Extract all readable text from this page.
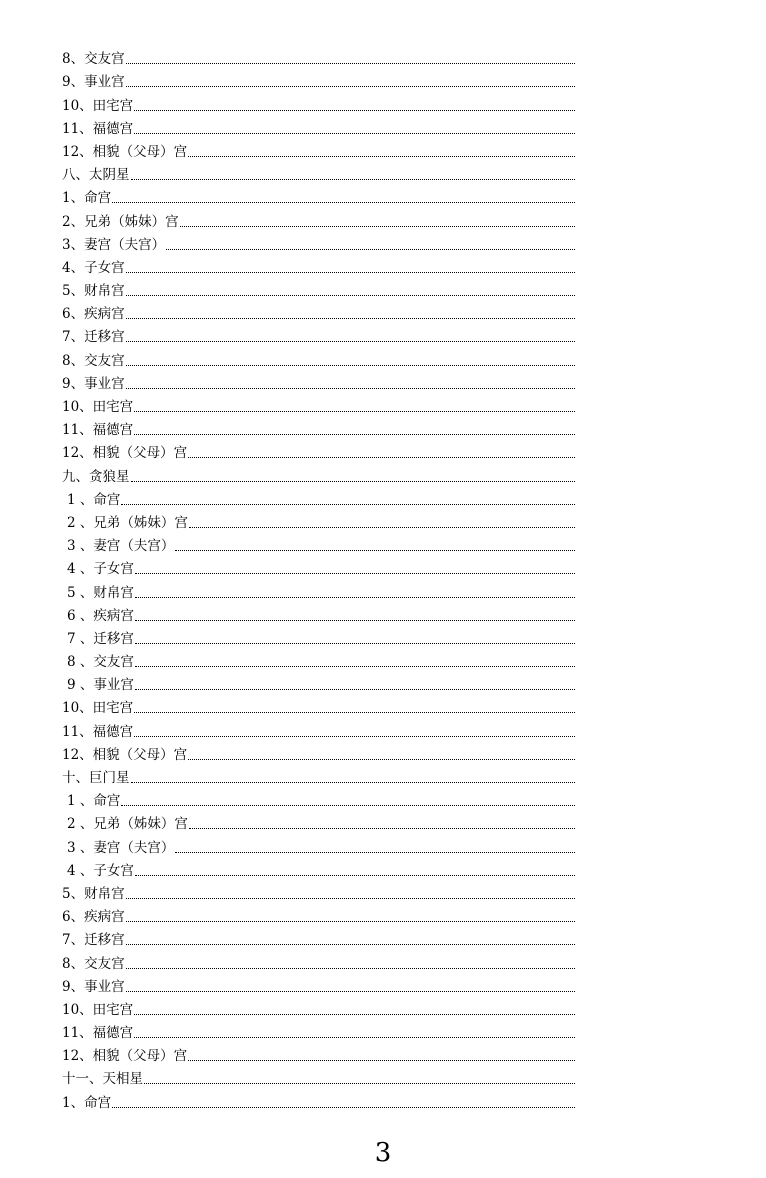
8、交友宫
9、事业宫
10、田宅宫
11、福德宫
12、相貌（父母）宫
八、太阴星
1、命宫
2、兄弟（姊妹）宫
3、妻宫（夫宫）
4、子女宫
5、财帛宫
6、疾病宫
7、迁移宫
8、交友宫
9、事业宫
10、田宅宫
11、福德宫
12、相貌（父母）宫
九、贪狼星
1 、命宫
2 、兄弟（姊妹）宫
3 、妻宫（夫宫）
4 、子女宫
5 、财帛宫
6 、疾病宫
7 、迁移宫
8 、交友宫
9 、事业宫
10、田宅宫
11、福德宫
12、相貌（父母）宫
十、巨门星
1 、命宫
2 、兄弟（姊妹）宫
3 、妻宫（夫宫）
4 、子女宫
5、财帛宫
6、疾病宫
7、迁移宫
8、交友宫
9、事业宫
10、田宅宫
11、福德宫
12、相貌（父母）宫
十一、天相星
1、命宫
3
